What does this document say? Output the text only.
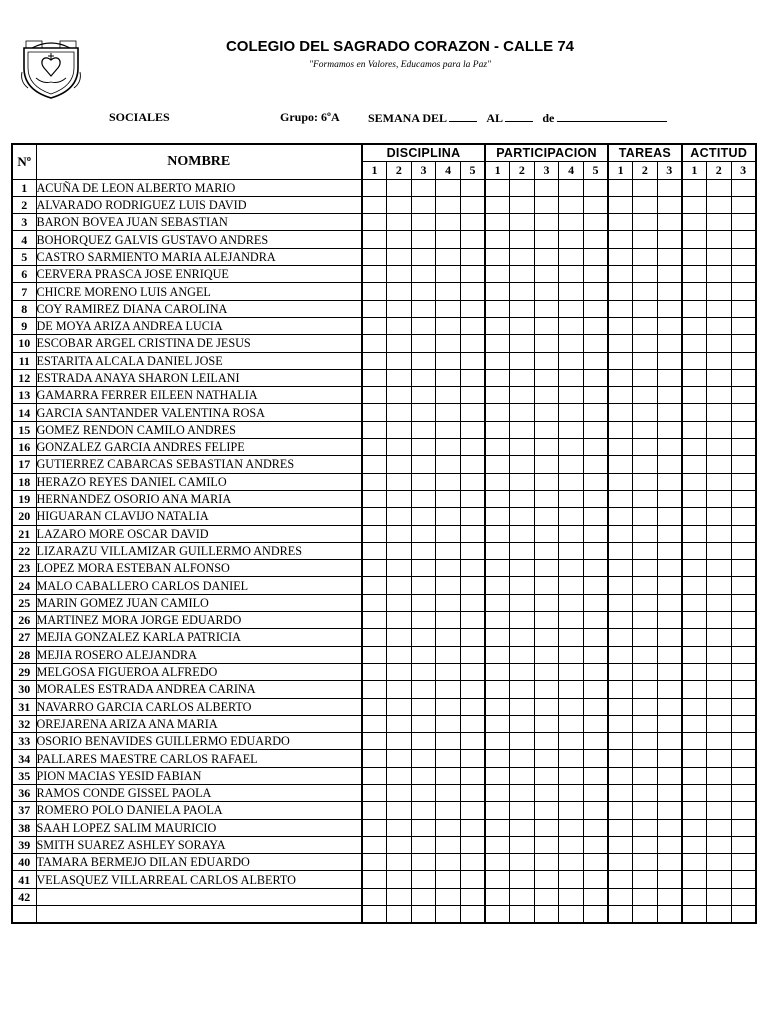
COLEGIO DEL SAGRADO CORAZON - CALLE 74
"Formamos en Valores, Educamos para la Paz"
SOCIALES	Grupo: 6ºA SEMANA DEL	AL	de
Nº	NOMBRE	DISCIPLINA					PARTICIPACION					TAREAS			ACTITUD		
		1	2	3	4	5	1	2	3	4	5	1	2	3	1	2	3
1	ACUÑA DE LEON ALBERTO MARIO																
2	ALVARADO RODRIGUEZ LUIS DAVID																
3	BARON BOVEA JUAN SEBASTIAN																
4	BOHORQUEZ GALVIS GUSTAVO ANDRES																
5	CASTRO SARMIENTO MARIA ALEJANDRA																
6	CERVERA PRASCA JOSE ENRIQUE																
7	CHICRE MORENO LUIS ANGEL																
8	COY RAMIREZ DIANA CAROLINA																
9	DE MOYA ARIZA ANDREA LUCIA																
10	ESCOBAR ARGEL CRISTINA DE JESUS																
11	ESTARITA ALCALA DANIEL JOSE																
12	ESTRADA ANAYA SHARON LEILANI																
13	GAMARRA FERRER EILEEN NATHALIA																
14	GARCIA SANTANDER VALENTINA ROSA																
15	GOMEZ RENDON CAMILO ANDRES																
16	GONZALEZ GARCIA ANDRES FELIPE																
17	GUTIERREZ CABARCAS SEBASTIAN ANDRES																
18	HERAZO REYES DANIEL CAMILO																
19	HERNANDEZ OSORIO ANA MARIA																
20	HIGUARAN CLAVIJO NATALIA																
21	LAZARO MORE OSCAR DAVID																
22	LIZARAZU VILLAMIZAR GUILLERMO ANDRES																
23	LOPEZ MORA ESTEBAN ALFONSO																
24	MALO CABALLERO CARLOS DANIEL																
25	MARIN GOMEZ JUAN CAMILO																
26	MARTINEZ MORA JORGE EDUARDO																
27	MEJIA GONZALEZ KARLA PATRICIA																
28	MEJIA ROSERO ALEJANDRA																
29	MELGOSA FIGUEROA ALFREDO																
30	MORALES ESTRADA ANDREA CARINA																
31	NAVARRO GARCIA CARLOS ALBERTO																
32	OREJARENA ARIZA ANA MARIA																
33	OSORIO BENAVIDES GUILLERMO EDUARDO																
34	PALLARES MAESTRE CARLOS RAFAEL																
35	PION MACIAS YESID FABIAN																
36	RAMOS CONDE GISSEL PAOLA																
37	ROMERO POLO DANIELA PAOLA																
38	SAAH LOPEZ SALIM MAURICIO																
39	SMITH SUAREZ ASHLEY SORAYA																
40	TAMARA BERMEJO DILAN EDUARDO																
41	VELASQUEZ VILLARREAL CARLOS ALBERTO																
42																	
